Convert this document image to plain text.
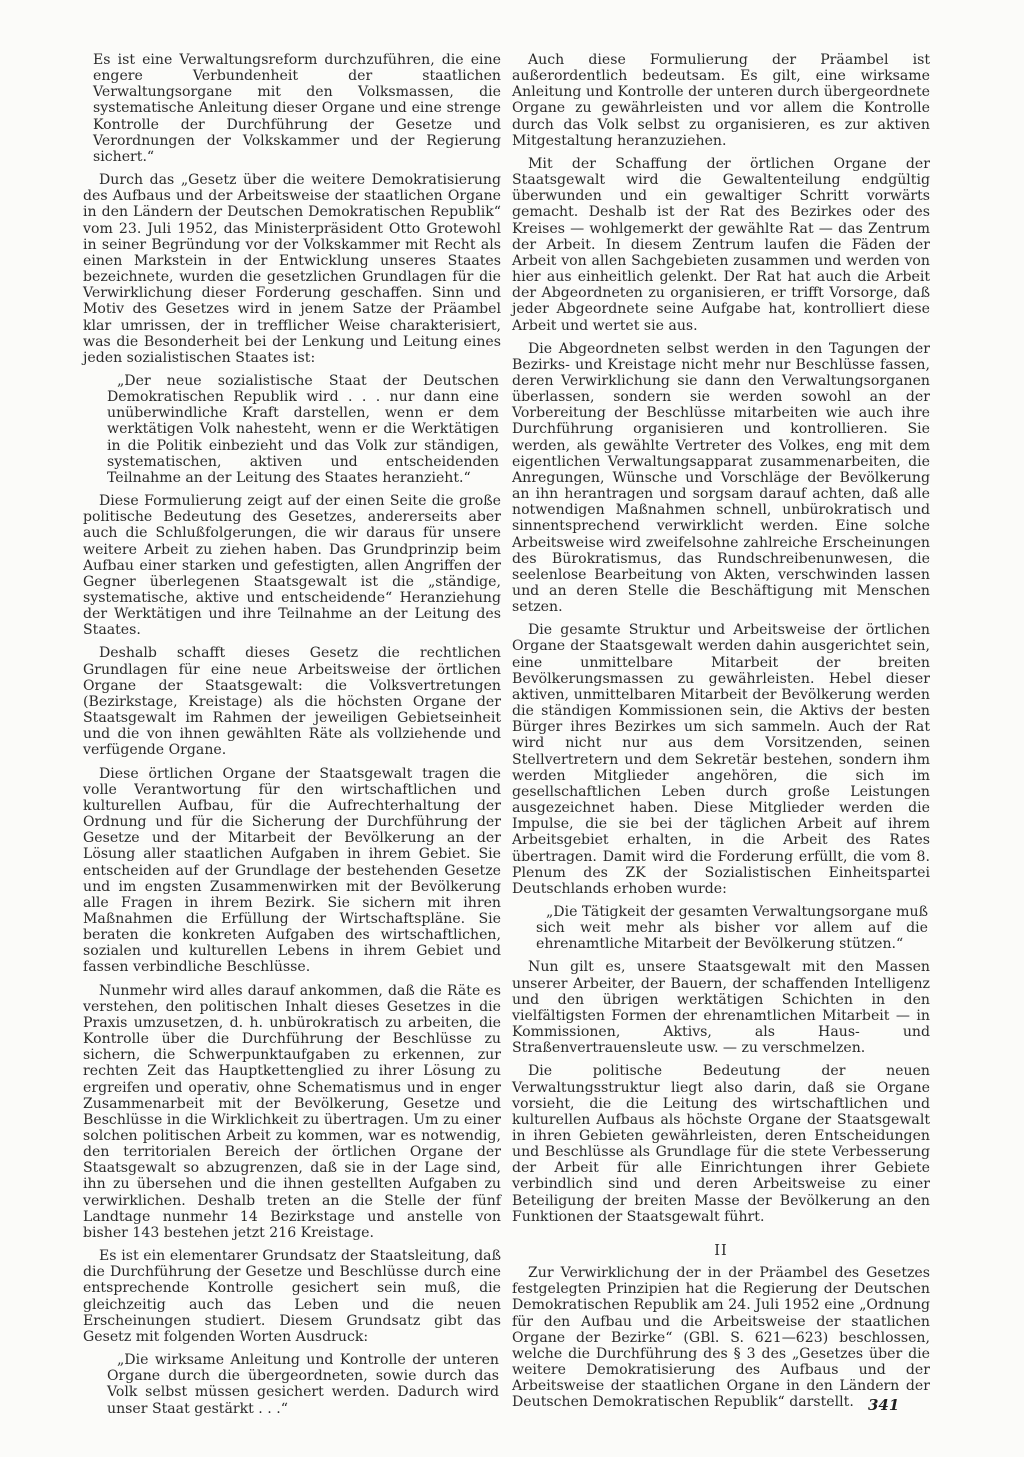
Es ist eine Verwaltungsreform durchzuführen, die eine engere Verbundenheit der staatlichen Verwaltungsorgane mit den Volksmassen, die systematische Anleitung dieser Organe und eine strenge Kontrolle der Durchführung der Gesetze und Verordnungen der Volkskammer und der Regierung sichert.“

Durch das „Gesetz über die weitere Demokratisierung des Aufbaus und der Arbeitsweise der staatlichen Organe in den Ländern der Deutschen Demokratischen Republik“ vom 23. Juli 1952, das Ministerpräsident Otto Grotewohl in seiner Begründung vor der Volkskammer mit Recht als einen Markstein in der Entwicklung unseres Staates bezeichnete, wurden die gesetzlichen Grundlagen für die Verwirklichung dieser Forderung geschaffen. Sinn und Motiv des Gesetzes wird in jenem Satze der Präambel klar umrissen, der in trefflicher Weise charakterisiert, was die Besonderheit bei der Lenkung und Leitung eines jeden sozialistischen Staates ist:

„Der neue sozialistische Staat der Deutschen Demokratischen Republik wird . . . nur dann eine unüberwindliche Kraft darstellen, wenn er dem werktätigen Volk nahesteht, wenn er die Werktätigen in die Politik einbezieht und das Volk zur ständigen, systematischen, aktiven und entscheidenden Teilnahme an der Leitung des Staates heranzieht.“

Diese Formulierung zeigt auf der einen Seite die große politische Bedeutung des Gesetzes, andererseits aber auch die Schlußfolgerungen, die wir daraus für unsere weitere Arbeit zu ziehen haben. Das Grundprinzip beim Aufbau einer starken und gefestigten, allen Angriffen der Gegner überlegenen Staatsgewalt ist die „ständige, systematische, aktive und entscheidende“ Heranziehung der Werktätigen und ihre Teilnahme an der Leitung des Staates.

Deshalb schafft dieses Gesetz die rechtlichen Grundlagen für eine neue Arbeitsweise der örtlichen Organe der Staatsgewalt: die Volksvertretungen (Bezirkstage, Kreistage) als die höchsten Organe der Staatsgewalt im Rahmen der jeweiligen Gebietseinheit und die von ihnen gewählten Räte als vollziehende und verfügende Organe.

Diese örtlichen Organe der Staatsgewalt tragen die volle Verantwortung für den wirtschaftlichen und kulturellen Aufbau, für die Aufrechterhaltung der Ordnung und für die Sicherung der Durchführung der Gesetze und der Mitarbeit der Bevölkerung an der Lösung aller staatlichen Aufgaben in ihrem Gebiet. Sie entscheiden auf der Grundlage der bestehenden Gesetze und im engsten Zusammenwirken mit der Bevölkerung alle Fragen in ihrem Bezirk. Sie sichern mit ihren Maßnahmen die Erfüllung der Wirtschaftspläne. Sie beraten die konkreten Aufgaben des wirtschaftlichen, sozialen und kulturellen Lebens in ihrem Gebiet und fassen verbindliche Beschlüsse.

Nunmehr wird alles darauf ankommen, daß die Räte es verstehen, den politischen Inhalt dieses Gesetzes in die Praxis umzusetzen, d. h. unbürokratisch zu arbeiten, die Kontrolle über die Durchführung der Beschlüsse zu sichern, die Schwerpunktaufgaben zu erkennen, zur rechten Zeit das Hauptkettenglied zu ihrer Lösung zu ergreifen und operativ, ohne Schematismus und in enger Zusammenarbeit mit der Bevölkerung, Gesetze und Beschlüsse in die Wirklichkeit zu übertragen. Um zu einer solchen politischen Arbeit zu kommen, war es notwendig, den territorialen Bereich der örtlichen Organe der Staatsgewalt so abzugrenzen, daß sie in der Lage sind, ihn zu übersehen und die ihnen gestellten Aufgaben zu verwirklichen. Deshalb treten an die Stelle der fünf Landtage nunmehr 14 Bezirkstage und anstelle von bisher 143 bestehen jetzt 216 Kreistage.

Es ist ein elementarer Grundsatz der Staatsleitung, daß die Durchführung der Gesetze und Beschlüsse durch eine entsprechende Kontrolle gesichert sein muß, die gleichzeitig auch das Leben und die neuen Erscheinungen studiert. Diesem Grundsatz gibt das Gesetz mit folgenden Worten Ausdruck:

„Die wirksame Anleitung und Kontrolle der unteren Organe durch die übergeordneten, sowie durch das Volk selbst müssen gesichert werden. Dadurch wird unser Staat gestärkt . . .“

Auch diese Formulierung der Präambel ist außerordentlich bedeutsam. Es gilt, eine wirksame Anleitung und Kontrolle der unteren durch übergeordnete Organe zu gewährleisten und vor allem die Kontrolle durch das Volk selbst zu organisieren, es zur aktiven Mitgestaltung heranzuziehen.

Mit der Schaffung der örtlichen Organe der Staatsgewalt wird die Gewaltenteilung endgültig überwunden und ein gewaltiger Schritt vorwärts gemacht. Deshalb ist der Rat des Bezirkes oder des Kreises — wohlgemerkt der gewählte Rat — das Zentrum der Arbeit. In diesem Zentrum laufen die Fäden der Arbeit von allen Sachgebieten zusammen und werden von hier aus einheitlich gelenkt. Der Rat hat auch die Arbeit der Abgeordneten zu organisieren, er trifft Vorsorge, daß jeder Abgeordnete seine Aufgabe hat, kontrolliert diese Arbeit und wertet sie aus.

Die Abgeordneten selbst werden in den Tagungen der Bezirks- und Kreistage nicht mehr nur Beschlüsse fassen, deren Verwirklichung sie dann den Verwaltungsorganen überlassen, sondern sie werden sowohl an der Vorbereitung der Beschlüsse mitarbeiten wie auch ihre Durchführung organisieren und kontrollieren. Sie werden, als gewählte Vertreter des Volkes, eng mit dem eigentlichen Verwaltungsapparat zusammenarbeiten, die Anregungen, Wünsche und Vorschläge der Bevölkerung an ihn herantragen und sorgsam darauf achten, daß alle notwendigen Maßnahmen schnell, unbürokratisch und sinnentsprechend verwirklicht werden. Eine solche Arbeitsweise wird zweifelsohne zahlreiche Erscheinungen des Bürokratismus, das Rundschreibenunwesen, die seelenlose Bearbeitung von Akten, verschwinden lassen und an deren Stelle die Beschäftigung mit Menschen setzen.

Die gesamte Struktur und Arbeitsweise der örtlichen Organe der Staatsgewalt werden dahin ausgerichtet sein, eine unmittelbare Mitarbeit der breiten Bevölkerungsmassen zu gewährleisten. Hebel dieser aktiven, unmittelbaren Mitarbeit der Bevölkerung werden die ständigen Kommissionen sein, die Aktivs der besten Bürger ihres Bezirkes um sich sammeln. Auch der Rat wird nicht nur aus dem Vorsitzenden, seinen Stellvertretern und dem Sekretär bestehen, sondern ihm werden Mitglieder angehören, die sich im gesellschaftlichen Leben durch große Leistungen ausgezeichnet haben. Diese Mitglieder werden die Impulse, die sie bei der täglichen Arbeit auf ihrem Arbeitsgebiet erhalten, in die Arbeit des Rates übertragen. Damit wird die Forderung erfüllt, die vom 8. Plenum des ZK der Sozialistischen Einheitspartei Deutschlands erhoben wurde:

„Die Tätigkeit der gesamten Verwaltungsorgane muß sich weit mehr als bisher vor allem auf die ehrenamtliche Mitarbeit der Bevölkerung stützen.“

Nun gilt es, unsere Staatsgewalt mit den Massen unserer Arbeiter, der Bauern, der schaffenden Intelligenz und den übrigen werktätigen Schichten in den vielfältigsten Formen der ehrenamtlichen Mitarbeit — in Kommissionen, Aktivs, als Haus- und Straßenvertrauensleute usw. — zu verschmelzen.

Die politische Bedeutung der neuen Verwaltungsstruktur liegt also darin, daß sie Organe vorsieht, die die Leitung des wirtschaftlichen und kulturellen Aufbaus als höchste Organe der Staatsgewalt in ihren Gebieten gewährleisten, deren Entscheidungen und Beschlüsse als Grundlage für die stete Verbesserung der Arbeit für alle Einrichtungen ihrer Gebiete verbindlich sind und deren Arbeitsweise zu einer Beteiligung der breiten Masse der Bevölkerung an den Funktionen der Staatsgewalt führt.

II

Zur Verwirklichung der in der Präambel des Gesetzes festgelegten Prinzipien hat die Regierung der Deutschen Demokratischen Republik am 24. Juli 1952 eine „Ordnung für den Aufbau und die Arbeitsweise der staatlichen Organe der Bezirke“ (GBl. S. 621—623) beschlossen, welche die Durchführung des § 3 des „Gesetzes über die weitere Demokratisierung des Aufbaus und der Arbeitsweise der staatlichen Organe in den Ländern der Deutschen Demokratischen Republik“ darstellt. 341
